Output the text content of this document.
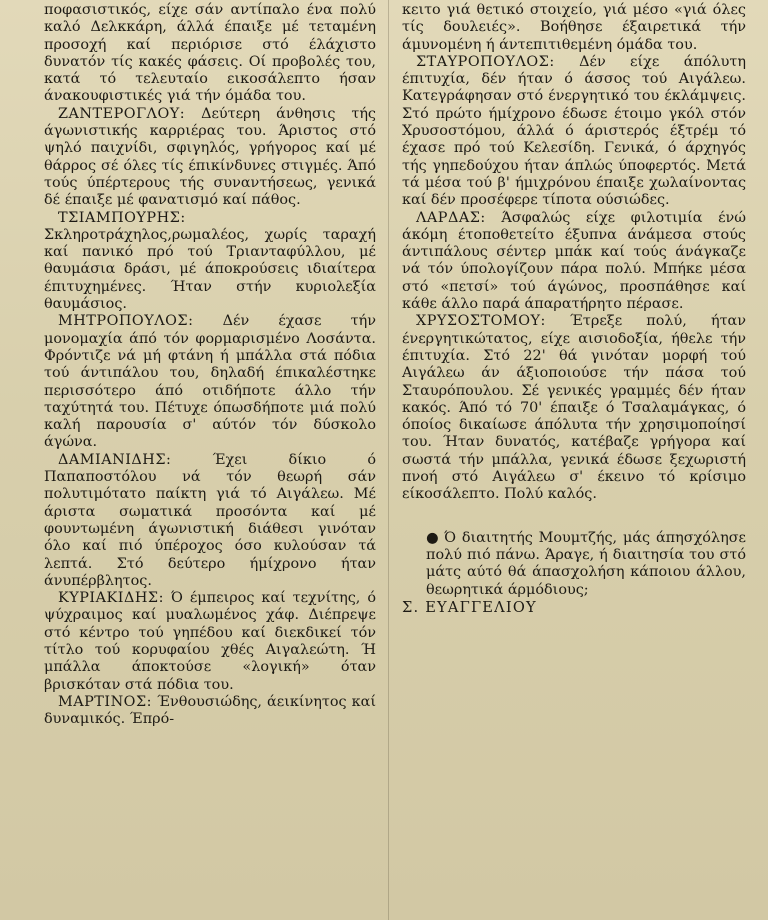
ποφασιστικός, είχε σάν αντίπαλο ένα πολύ καλό Δελκκάρη, άλλά έπαιξε μέ τεταμένη προσοχή καί περιόρισε στό έλάχιστο δυνατόν τίς κακές φάσεις. Οί προβολές του, κατά τό τελευταίο εικοσάλεπτο ήσαν άνακουφιστικές γιά τήν όμάδα του.

ΖΑΝΤΕΡΟΓΛΟΥ: Δεύτερη άνθησις τής άγωνιστικής καρριέρας του. Άριστος στό ψηλό παιχνίδι, σφιγηλός, γρήγορος καί μέ θάρρος σέ όλες τίς έπικίνδυνες στιγμές. Άπό τούς ύπέρτερους τής συναντήσεως, γενικά δέ έπαιξε μέ φανατισμό καί πάθος.

ΤΣΙΑΜΠΟΥΡΗΣ: Σκληροτράχηλος,ρωμαλέος, χωρίς ταραχή καί πανικό πρό τού Τριανταφύλλου, μέ θαυμάσια δράσι, μέ άποκρούσεις ιδιαίτερα έπιτυχημένες. Ήταν στήν κυριολεξία θαυμάσιος.

ΜΗΤΡΟΠΟΥΛΟΣ: Δέν έχασε τήν μονομαχία άπό τόν φορμαρισμένο Λοσάντα. Φρόντιζε νά μή φτάνη ή μπάλλα στά πόδια τού άντιπάλου του, δηλαδή έπικαλέστηκε περισσότερο άπό οτιδήποτε άλλο τήν ταχύτητά του. Πέτυχε όπωσδήποτε μιά πολύ καλή παρουσία σ' αύτόν τόν δύσκολο άγώνα.

ΔΑΜΙΑΝΙΔΗΣ:	Έχει δίκιο ό Παπαποστόλου νά τόν θεωρή σάν πολυτιμότατο παίκτη γιά τό Αιγάλεω. Μέ άριστα σωματικά προσόντα καί μέ φουντωμένη άγωνιστική διάθεσι γινόταν όλο καί πιό ύπέροχος όσο κυλούσαν τά λεπτά. Στό δεύτερο ήμίχρονο ήταν άνυπέρβλητος.

ΚΥΡΙΑΚΙΔΗΣ: Ό έμπειρος καί τεχνίτης, ό ψύχραιμος καί μυαλωμένος χάφ. Διέπρεψε στό κέντρο τού γηπέδου καί διεκδικεί τόν τίτλο τού κορυφαίου χθές Αιγαλεώτη. Ή μπάλλα άποκτούσε «λογική» όταν βρισκόταν στά πόδια του.

ΜΑΡΤΙΝΟΣ: Ένθουσιώδης, άεικίνητος καί δυναμικός. Έπρό-

κειτο γιά θετικό στοιχείο, γιά μέσο «γιά όλες τίς δουλειές». Βοήθησε έξαιρετικά τήν άμυνομένη ή άντεπιτιθεμένη όμάδα του.

ΣΤΑΥΡΟΠΟΥΛΟΣ: Δέν είχε άπόλυτη έπιτυχία, δέν ήταν ό άσσος τού Αιγάλεω. Κατεγράφησαν στό ένεργητικό του έκλάμψεις. Στό πρώτο ήμίχρονο έδωσε έτοιμο γκόλ στόν Χρυσοστόμου, άλλά ό άριστερός έξτρέμ τό έχασε πρό τού Κελεσίδη. Γενικά, ό άρχηγός τής γηπεδούχου ήταν άπλώς ύποφερτός. Μετά τά μέσα τού β' ήμιχρόνου έπαιξε χωλαίνοντας καί δέν προσέφερε τίποτα ούσιώδες.

ΛΑΡΔΑΣ: Άσφαλώς είχε φιλοτιμία ένώ άκόμη έτοποθετείτο έξυπνα άνάμεσα στούς άντιπάλους σέντερ μπάκ καί τούς άνάγκαζε νά τόν ύπολογίζουν πάρα πολύ. Μπήκε μέσα στό «πετσί» τού άγώνος, προσπάθησε καί κάθε άλλο παρά άπαρατήρητο πέρασε.

ΧΡΥΣΟΣΤΟΜΟΥ: Έτρεξε πολύ, ήταν ένεργητικώτατος, είχε αισιοδοξία, ήθελε τήν έπιτυχία. Στό 22' θά γινόταν μορφή τού Αιγάλεω άν άξιοποιούσε τήν πάσα τού Σταυρόπουλου. Σέ γενικές γραμμές δέν ήταν κακός. Άπό τό 70' έπαιξε ό Τσαλαμάγκας, ό όποίος δικαίωσε άπόλυτα τήν χρησιμοποίησί του. Ήταν δυνατός, κατέβαζε γρήγορα καί σωστά τήν μπάλλα, γενικά έδωσε ξεχωριστή πνοή στό Αιγάλεω σ' έκεινο τό κρίσιμο είκοσάλεπτο. Πολύ καλός.

● Ό διαιτητής Μουμτζής, μάς άπησχόλησε πολύ πιό πάνω. Άραγε, ή διαιτησία του στό μάτς αύτό θά άπασχολήση κάποιου άλλου, θεωρητικά άρμόδιους;

Σ. ΕΥΑΓΓΕΛΙΟΥ
